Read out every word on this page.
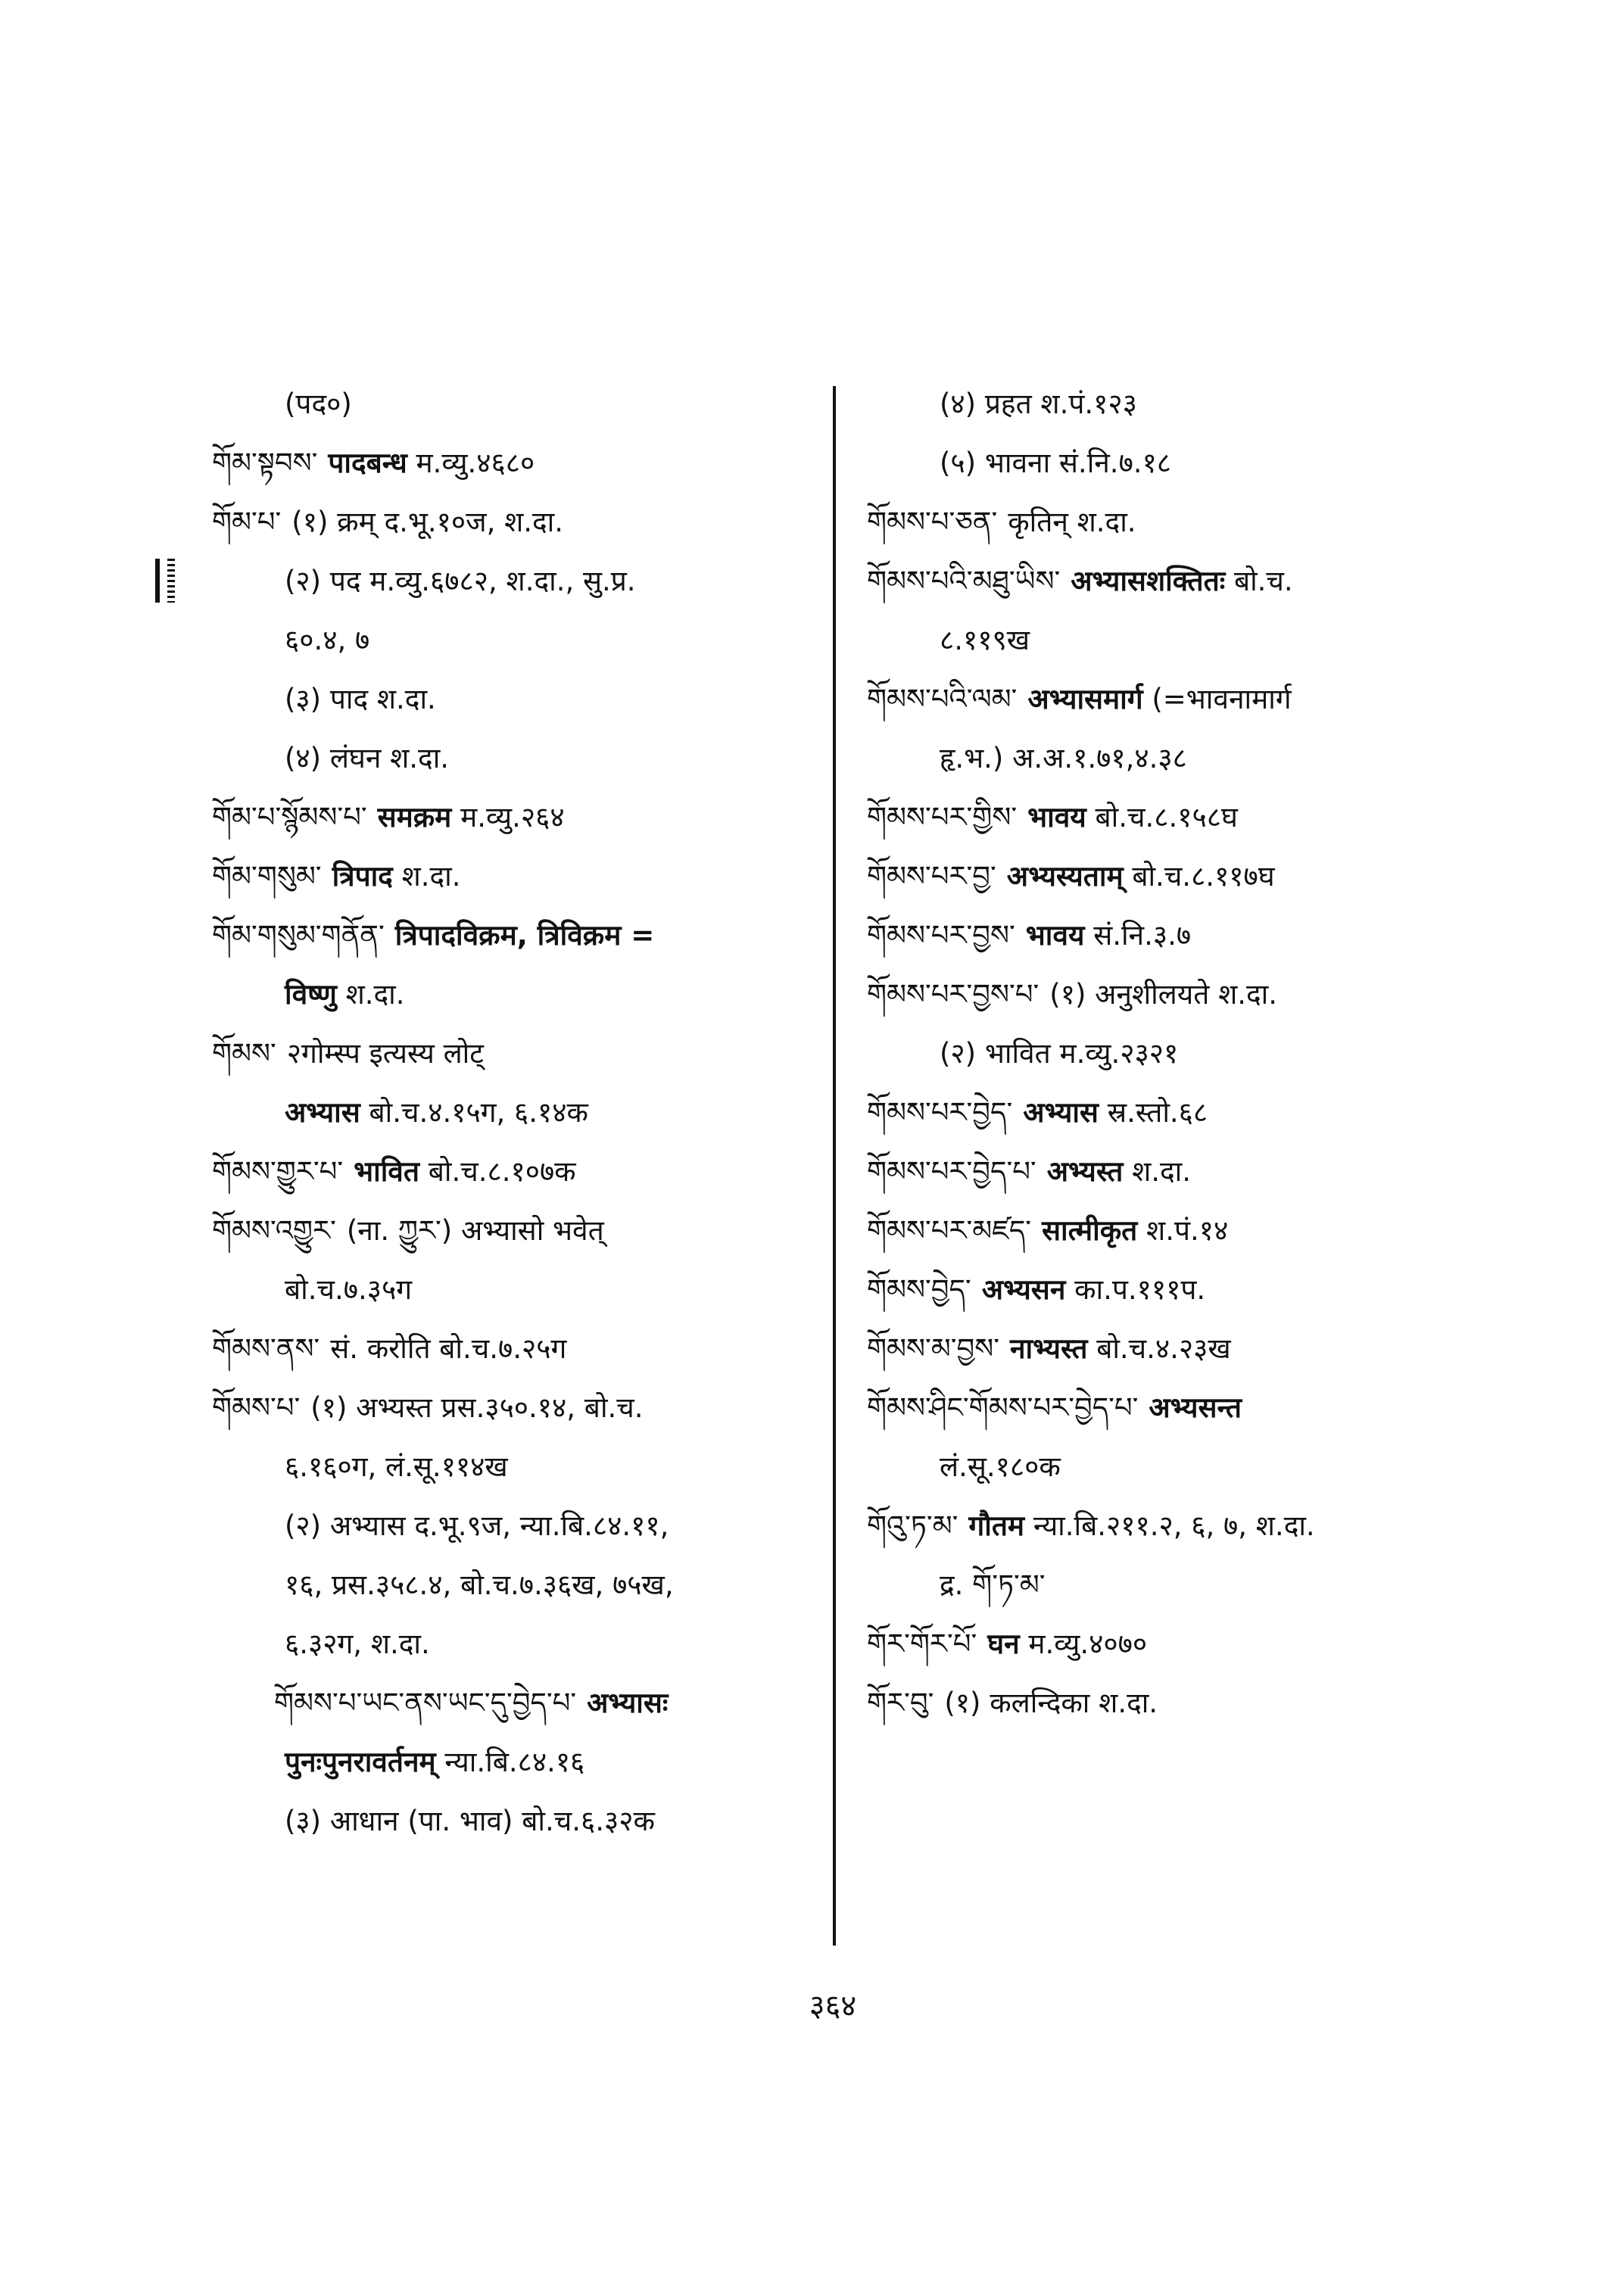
(पद०)
གོམ་སྟབས་ पादबन्ध म.व्यु.४६८०
གོམ་པ་ (१) क्रम् द.भू.१०ज, श.दा.
(२) पद म.व्यु.६७८२, श.दा., सु.प्र.
६०.४, ७
(३) पाद श.दा.
(४) लंघन श.दा.
གོམ་པ་སྙོམས་པ་ समक्रम म.व्यु.२६४
གོམ་གསུམ་ त्रिपाद श.दा.
གོམ་གསུམ་གནོན་ त्रिपादविक्रम, त्रिविक्रम =
विष्णु श.दा.
གོམས་ २गोम्स्प इत्यस्य लोट्
अभ्यास बो.च.४.१५ग, ६.१४क
གོམས་གྱུར་པ་ भावित बो.च.८.१०७क
གོམས་འགྱུར་ (ना. ཀྱུར་) अभ्यासो भवेत्
बो.च.७.३५ग
གོམས་ནས་ सं. करोति बो.च.७.२५ग
གོམས་པ་ (१) अभ्यस्त प्रस.३५०.१४, बो.च.
६.१६०ग, लं.सू.११४ख
(२) अभ्यास द.भू.९ज, न्या.बि.८४.११,
१६, प्रस.३५८.४, बो.च.७.३६ख, ७५ख,
६.३२ग, श.दा.
གོམས་པ་ཡང་ནས་ཡང་དུ་བྱེད་པ་ अभ्यासः
पुनःपुनरावर्तनम् न्या.बि.८४.१६
(३) आधान (पा. भाव) बो.च.६.३२क
(४) प्रहत श.पं.१२३
(५) भावना सं.नि.७.१८
གོམས་པ་ཅན་ कृतिन् श.दा.
གོམས་པའི་མཐུ་ཡིས་ अभ्यासशक्तितः बो.च.
८.११९ख
གོམས་པའི་ལམ་ अभ्यासमार्ग (=भावनामार्ग
हृ.भ.) अ.अ.१.७१,४.३८
གོམས་པར་གྱིས་ भावय बो.च.८.१५८घ
གོམས་པར་བྱ་ अभ्यस्यताम् बो.च.८.११७घ
གོམས་པར་བྱས་ भावय सं.नि.३.७
གོམས་པར་བྱས་པ་ (१) अनुशीलयते श.दा.
(२) भावित म.व्यु.२३२१
གོམས་པར་བྱེད་ अभ्यास स्र.स्तो.६८
གོམས་པར་བྱེད་པ་ अभ्यस्त श.दा.
གོམས་པར་མཛད་ सात्मीकृत श.पं.१४
གོམས་བྱེད་ अभ्यसन का.प.१११प.
གོམས་མ་བྱས་ नाभ्यस्त बो.च.४.२३ख
གོམས་ཤིང་གོམས་པར་བྱེད་པ་ अभ्यसन्त
लं.सू.१८०क
གོའུ་ཏ་མ་ गौतम न्या.बि.२११.२, ६, ७, श.दा.
द्र. གོ་ཏ་མ་
གོར་གོར་པོ་ घन म.व्यु.४०७०
གོར་བུ་ (१) कलन्दिका श.दा.
३६४
